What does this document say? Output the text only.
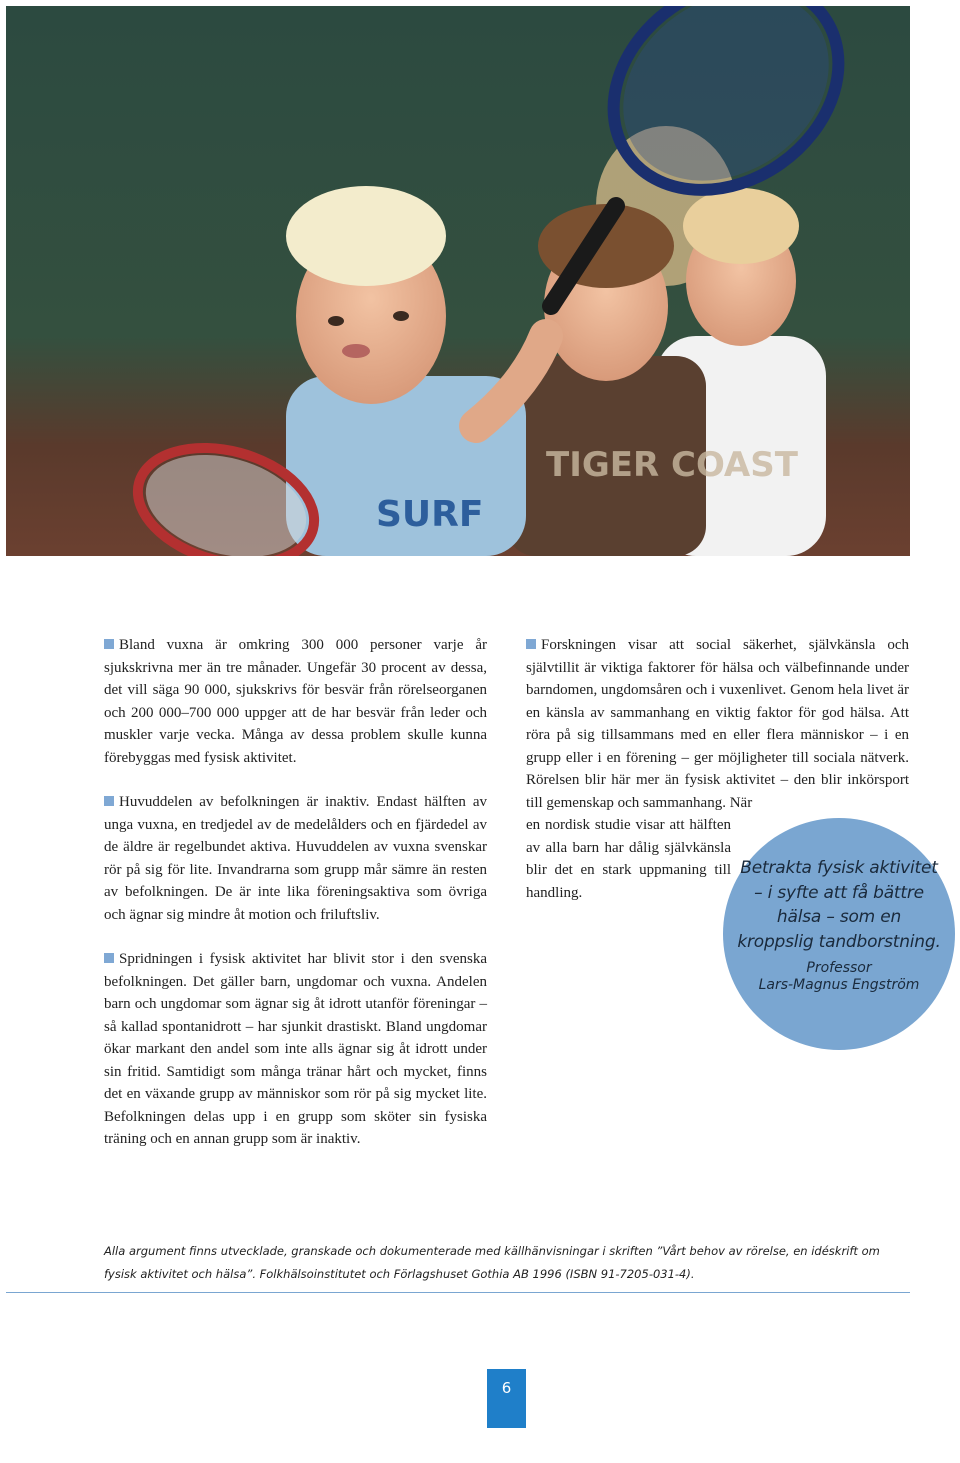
TIGER COAST
SURF

Bland vuxna är omkring 300 000 personer varje år sjukskrivna mer än tre månader. Ungefär 30 procent av dessa, det vill säga 90 000, sjukskrivs för besvär från rörelseorganen och 200 000–700 000 uppger att de har besvär från leder och muskler varje vecka. Många av dessa problem skulle kunna förebyggas med fysisk aktivitet.

Huvuddelen av befolkningen är inaktiv. Endast hälften av unga vuxna, en tredjedel av de medelålders och en fjärdedel av de äldre är regelbundet aktiva. Huvuddelen av vuxna svenskar rör på sig för lite. Invandrarna som grupp mår sämre än resten av befolkningen. De är inte lika föreningsaktiva som övriga och ägnar sig mindre åt motion och friluftsliv.

Spridningen i fysisk aktivitet har blivit stor i den svenska befolkningen. Det gäller barn, ungdomar och vuxna. Andelen barn och ungdomar som ägnar sig åt idrott utanför föreningar – så kallad spontanidrott – har sjunkit drastiskt. Bland ungdomar ökar markant den andel som inte alls ägnar sig åt idrott under sin fritid. Samtidigt som många tränar hårt och mycket, finns det en växande grupp av människor som rör på sig mycket lite. Befolkningen delas upp i en grupp som sköter sin fysiska träning och en annan grupp som är inaktiv.

Forskningen visar att social säkerhet, självkänsla och självtillit är viktiga faktorer för hälsa och välbefinnande under barndomen, ungdomsåren och i vuxenlivet. Genom hela livet är en känsla av sammanhang en viktig faktor för god hälsa. Att röra på sig tillsammans med en eller flera människor – i en grupp eller i en förening – ger möjligheter till sociala nätverk. Rörelsen blir här mer än fysisk aktivitet – den blir inkörsport till gemenskap och sammanhang. När

en nordisk studie visar att hälften av alla barn har dålig självkänsla blir det en stark uppmaning till handling.

Betrakta fysisk aktivitet – i syfte att få bättre hälsa – som en kroppslig tandborstning.
Professor
Lars-Magnus Engström
Alla argument finns utvecklade, granskade och dokumenterade med källhänvisningar i skriften ”Vårt behov av rörelse, en idéskrift om fysisk aktivitet och hälsa”. Folkhälsoinstitutet och Förlagshuset Gothia AB 1996 (ISBN 91-7205-031-4).
6
